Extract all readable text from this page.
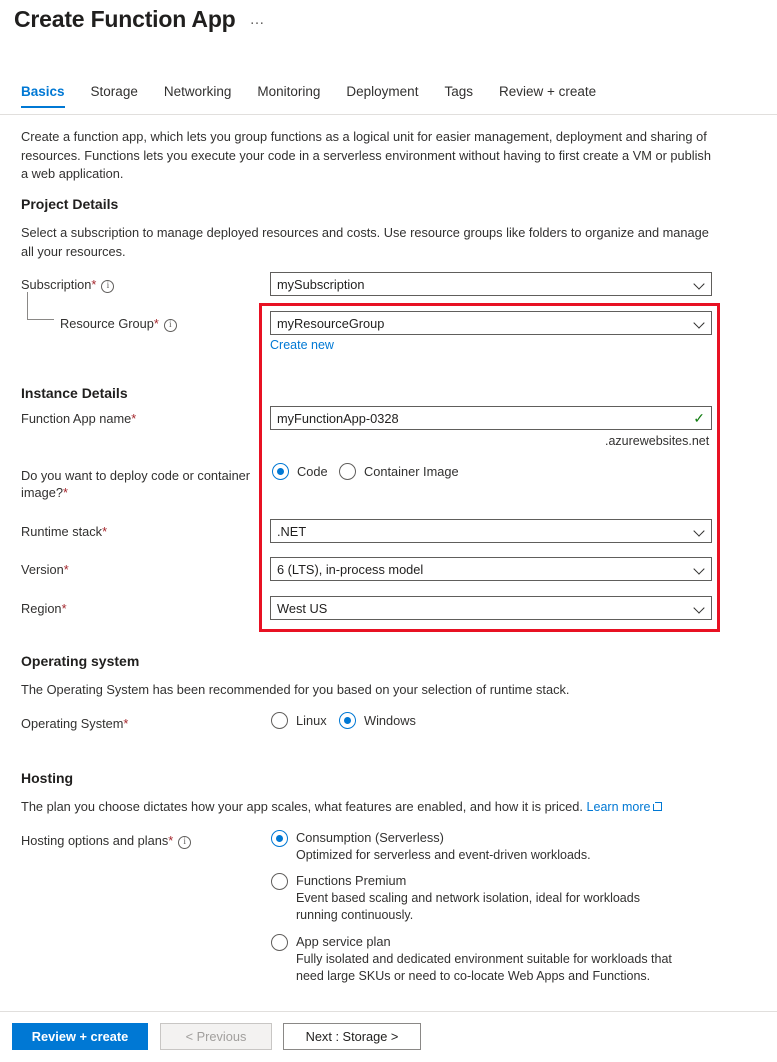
Create Function App …
Basics	Storage	Networking	Monitoring	Deployment	Tags	Review + create
Create a function app, which lets you group functions as a logical unit for easier management, deployment and sharing of resources. Functions lets you execute your code in a serverless environment without having to first create a VM or publish a web application.
Project Details
Select a subscription to manage deployed resources and costs. Use resource groups like folders to organize and manage all your resources.
Subscription* i	mySubscription
Resource Group* i	myResourceGroup
Create new
Instance Details
Function App name*	myFunctionApp-0328	✓
.azurewebsites.net
Do you want to deploy code or container image?*
Code	Container Image
Runtime stack*	.NET
Version*	6 (LTS), in-process model
Region*	West US
Operating system
The Operating System has been recommended for you based on your selection of runtime stack.
Operating System*	Linux	Windows
Hosting
The plan you choose dictates how your app scales, what features are enabled, and how it is priced. Learn more
Hosting options and plans* i	Consumption (Serverless)
Optimized for serverless and event-driven workloads.
Functions Premium
Event based scaling and network isolation, ideal for workloads running continuously.
App service plan
Fully isolated and dedicated environment suitable for workloads that need large SKUs or need to co-locate Web Apps and Functions.
Review + create	< Previous	Next : Storage >
